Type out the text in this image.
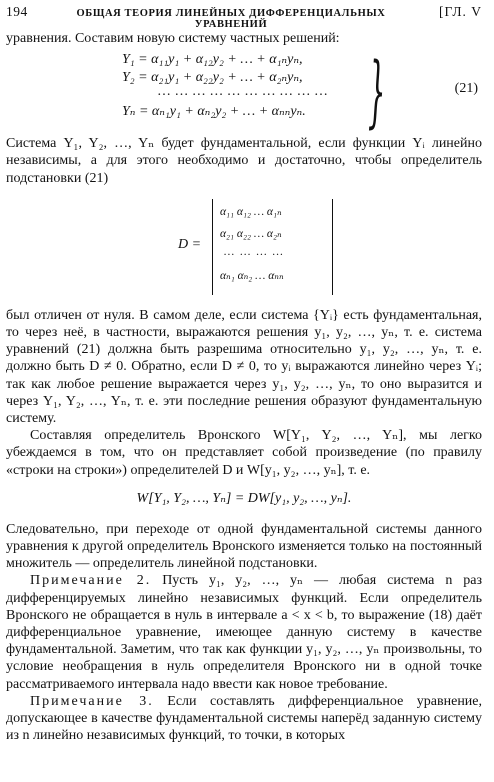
194	ОБЩАЯ ТЕОРИЯ ЛИНЕЙНЫХ ДИФФЕРЕНЦИАЛЬНЫХ УРАВНЕНИЙ
[ГЛ. V

уравнения. Составим новую систему частных решений:

Y₁ = α₁₁y₁ + α₁₂y₂ + … + α₁ₙyₙ,
Y₂ = α₂₁y₁ + α₂₂y₂ + … + α₂ₙyₙ,
…………………………
Yₙ = αₙ₁y₁ + αₙ₂y₂ + … + αₙₙyₙ. }	(21)

Система Y₁, Y₂, …, Yₙ будет фундаментальной, если функции Yᵢ линейно независимы, а для этого необходимо и достаточно, чтобы определитель подстановки (21)

D =
α₁₁ α₁₂ … α₁ₙ
α₂₁ α₂₂ … α₂ₙ
…………
αₙ₁ αₙ₂ … αₙₙ

был отличен от нуля. В самом деле, если система {Yᵢ} есть фундаментальная, то через неё, в частности, выражаются решения y₁, y₂, …, yₙ, т. е. система уравнений (21) должна быть разрешима относительно y₁, y₂, …, yₙ, т. е. должно быть D ≠ 0. Обратно, если D ≠ 0, то yᵢ выражаются линейно через Yᵢ; так как любое решение выражается через y₁, y₂, …, yₙ, то оно выразится и через Y₁, Y₂, …, Yₙ, т. е. эти последние решения образуют фундаментальную систему.

Составляя определитель Вронского W[Y₁, Y₂, …, Yₙ], мы легко убеждаемся в том, что он представляет собой произведение (по правилу «строки на строки») определителей D и W[y₁, y₂, …, yₙ], т. е.

W[Y₁, Y₂, …, Yₙ] = DW[y₁, y₂, …, yₙ].

Следовательно, при переходе от одной фундаментальной системы данного уравнения к другой определитель Вронского изменяется только на постоянный множитель — определитель линейной подстановки.

Примечание 2. Пусть y₁, y₂, …, yₙ — любая система n раз дифференцируемых линейно независимых функций. Если определитель Вронского не обращается в нуль в интервале a < x < b, то выражение (18) даёт дифференциальное уравнение, имеющее данную систему в качестве фундаментальной. Заметим, что так как функции y₁, y₂, …, yₙ произвольны, то условие необращения в нуль определителя Вронского ни в одной точке рассматриваемого интервала надо ввести как новое требование.

Примечание 3. Если составлять дифференциальное уравнение, допускающее в качестве фундаментальной системы наперёд заданную систему из n линейно независимых функций, то точки, в которых
